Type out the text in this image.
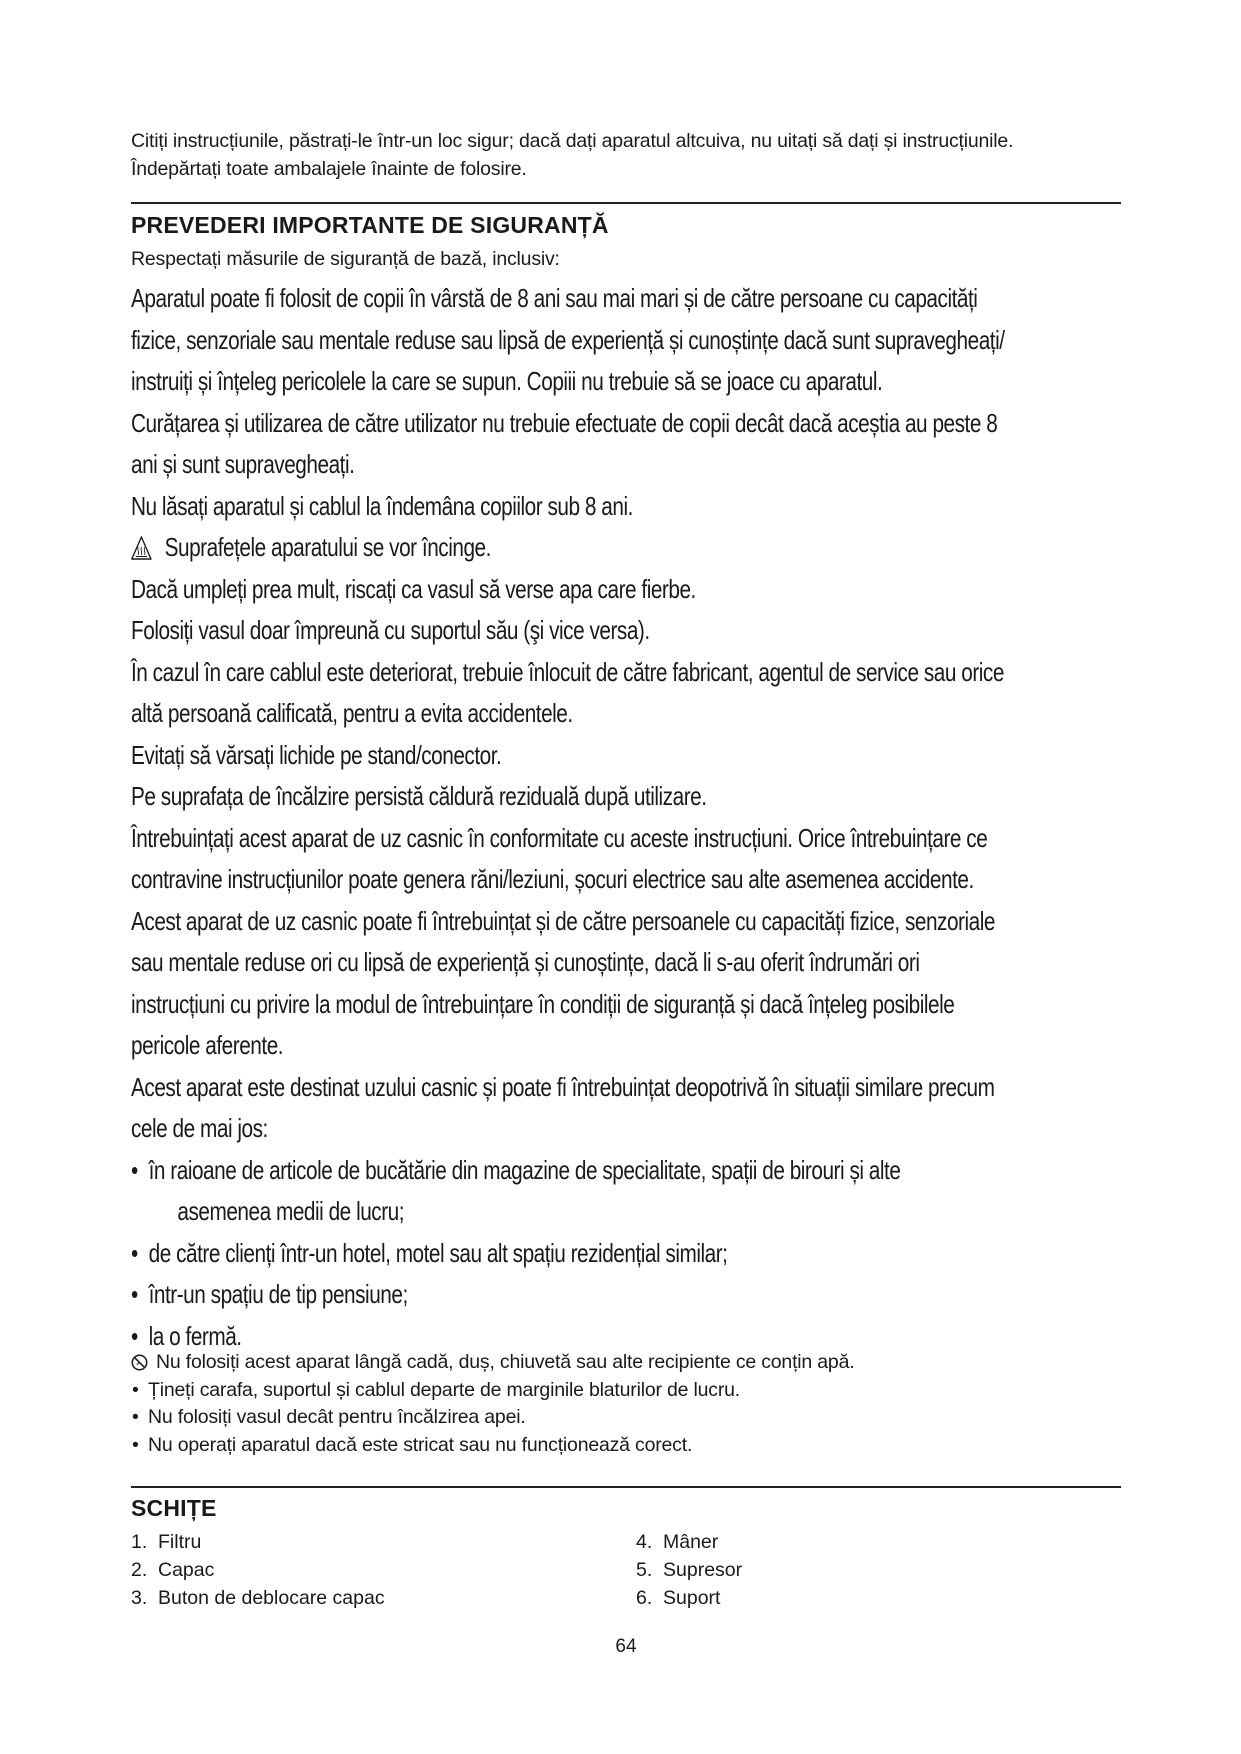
Citiți instrucțiunile, păstrați-le într-un loc sigur; dacă dați aparatul altcuiva, nu uitați să dați și instrucțiunile.
Îndepărtați toate ambalajele înainte de folosire.
PREVEDERI IMPORTANTE DE SIGURANȚĂ
Respectați măsurile de siguranță de bază, inclusiv:
Aparatul poate fi folosit de copii în vârstă de 8 ani sau mai mari și de către persoane cu capacități
fizice, senzoriale sau mentale reduse sau lipsă de experiență și cunoștințe dacă sunt supravegheați/
instruiți și înțeleg pericolele la care se supun. Copiii nu trebuie să se joace cu aparatul.
Curățarea și utilizarea de către utilizator nu trebuie efectuate de copii decât dacă aceștia au peste 8
ani și sunt supravegheați.
Nu lăsați aparatul și cablul la îndemâna copiilor sub 8 ani.
Suprafețele aparatului se vor încinge.
Dacă umpleți prea mult, riscați ca vasul să verse apa care fierbe.
Folosiți vasul doar împreună cu suportul său (şi vice versa).
În cazul în care cablul este deteriorat, trebuie înlocuit de către fabricant, agentul de service sau orice
altă persoană calificată, pentru a evita accidentele.
Evitați să vărsați lichide pe stand/conector.
Pe suprafața de încălzire persistă căldură reziduală după utilizare.
Întrebuințați acest aparat de uz casnic în conformitate cu aceste instrucțiuni. Orice întrebuințare ce
contravine instrucțiunilor poate genera răni/leziuni, șocuri electrice sau alte asemenea accidente.
Acest aparat de uz casnic poate fi întrebuințat și de către persoanele cu capacități fizice, senzoriale
sau mentale reduse ori cu lipsă de experiență și cunoștințe, dacă li s-au oferit îndrumări ori
instrucțiuni cu privire la modul de întrebuințare în condiții de siguranță și dacă înțeleg posibilele
pericole aferente.
Acest aparat este destinat uzului casnic și poate fi întrebuințat deopotrivă în situații similare precum
cele de mai jos:
• în raioane de articole de bucătărie din magazine de specialitate, spații de birouri și alte
asemenea medii de lucru;
• de către clienți într-un hotel, motel sau alt spațiu rezidențial similar;
• într-un spațiu de tip pensiune;
• la o fermă.
Nu folosiți acest aparat lângă cadă, duș, chiuvetă sau alte recipiente ce conțin apă.
• Țineți carafa, suportul și cablul departe de marginile blaturilor de lucru.
• Nu folosiți vasul decât pentru încălzirea apei.
• Nu operați aparatul dacă este stricat sau nu funcționează corect.
SCHIȚE
1. Filtru
2. Capac
3. Buton de deblocare capac
4. Mâner
5. Supresor
6. Suport
64
